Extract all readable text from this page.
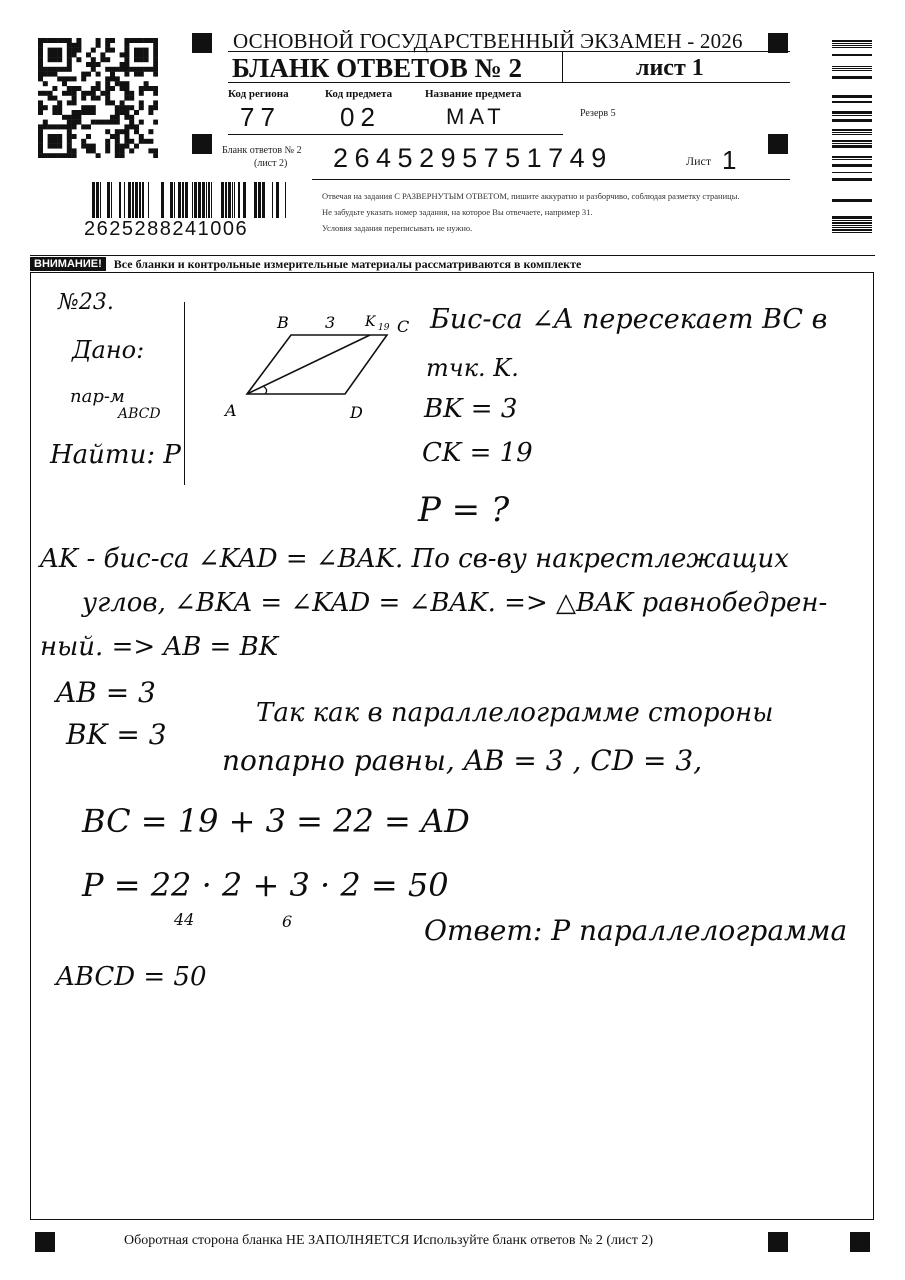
2625288241006
ОСНОВНОЙ ГОСУДАРСТВЕННЫЙ ЭКЗАМЕН - 2026
БЛАНК ОТВЕТОВ № 2	лист 1
Код региона
77
Код предмета
02
Название предмета
МАТ	Резерв 5
Бланк ответов № 2
(лист 2) 2645295751749	Лист 1
Отвечая на задания С РАЗВЕРНУТЫМ ОТВЕТОМ, пишите аккуратно и разборчиво, соблюдая разметку страницы.
Не забудьте указать номер задания, на которое Вы отвечаете, например 31.
Условия задания переписывать не нужно.
ВНИМАНИЕ!	Все бланки и контрольные измерительные материалы рассматриваются в комплекте
№23.
Дано:
пар-м
ABCD
Найти: P
B 3 K 19 C
A	D
Бис-са ∠A пересекает BC в
тчк. K.
BK = 3
CK = 19
P = ?
AK - бис-са ∠KAD = ∠BAK. По св-ву накрестлежащих
углов, ∠BKA = ∠KAD = ∠BAK. => △BAK равнобедрен-
ный. => AB = BK
AB = 3
BK = 3
Так как в параллелограмме стороны
попарно равны, AB = 3 , CD = 3,
BC = 19 + 3 = 22 = AD
P = 22 · 2 + 3 · 2 = 50
44	6	Ответ: P параллелограмма
ABCD = 50
Оборотная сторона бланка НЕ ЗАПОЛНЯЕТСЯ Используйте бланк ответов № 2 (лист 2)
